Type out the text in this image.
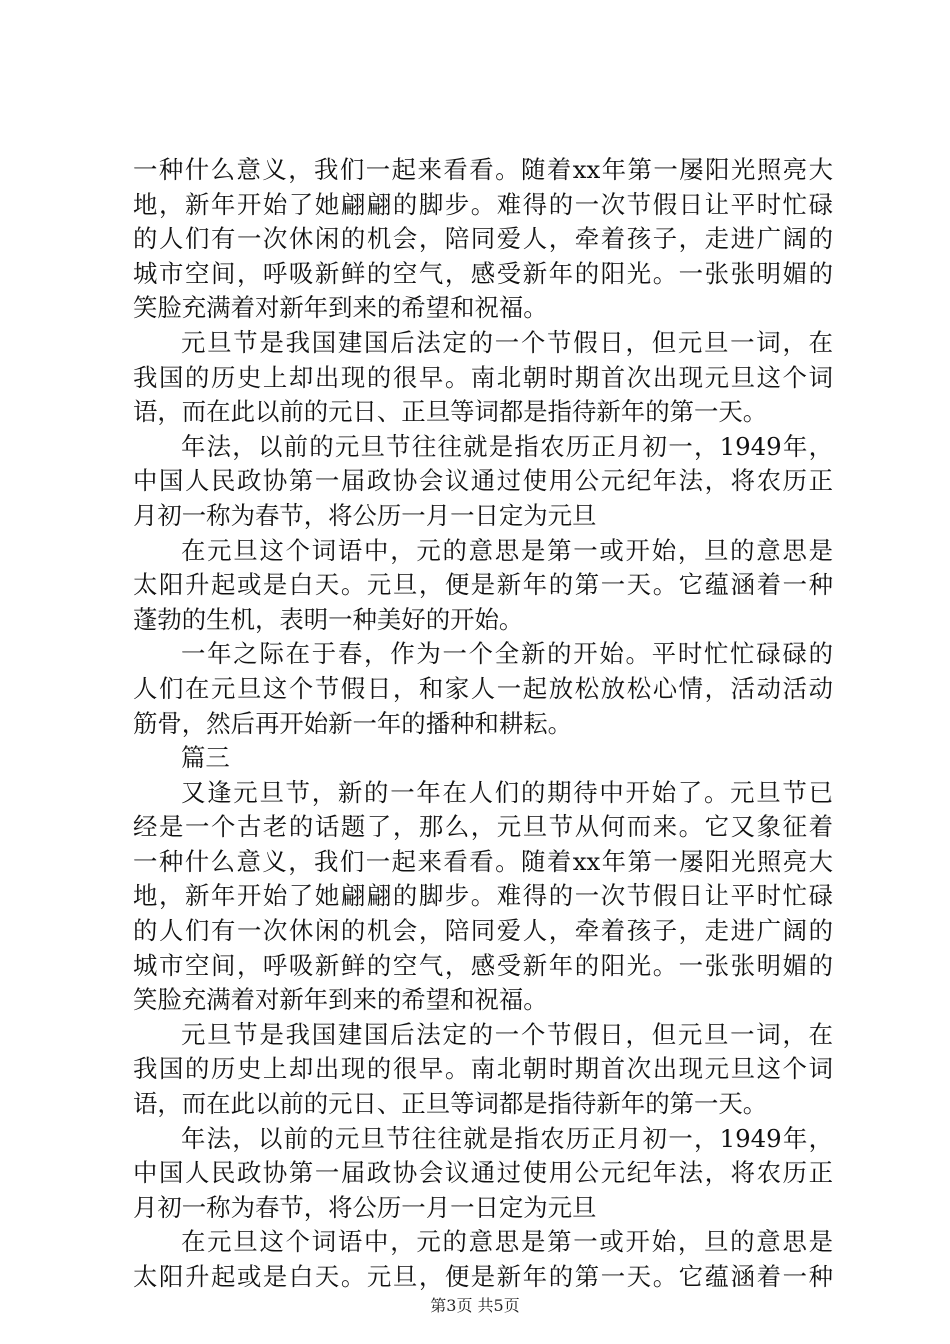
一种什么意义，我们一起来看看。随着xx年第一屡阳光照亮大
地，新年开始了她翩翩的脚步。难得的一次节假日让平时忙碌
的人们有一次休闲的机会，陪同爱人，牵着孩子，走进广阔的
城市空间，呼吸新鲜的空气，感受新年的阳光。一张张明媚的
笑脸充满着对新年到来的希望和祝福。
元旦节是我国建国后法定的一个节假日，但元旦一词，在
我国的历史上却出现的很早。南北朝时期首次出现元旦这个词
语，而在此以前的元日、正旦等词都是指待新年的第一天。
年法，以前的元旦节往往就是指农历正月初一，1949年，
中国人民政协第一届政协会议通过使用公元纪年法，将农历正
月初一称为春节，将公历一月一日定为元旦
在元旦这个词语中，元的意思是第一或开始，旦的意思是
太阳升起或是白天。元旦，便是新年的第一天。它蕴涵着一种
蓬勃的生机，表明一种美好的开始。
一年之际在于春，作为一个全新的开始。平时忙忙碌碌的
人们在元旦这个节假日，和家人一起放松放松心情，活动活动
筋骨，然后再开始新一年的播种和耕耘。
篇三
又逢元旦节，新的一年在人们的期待中开始了。元旦节已
经是一个古老的话题了，那么，元旦节从何而来。它又象征着
一种什么意义，我们一起来看看。随着xx年第一屡阳光照亮大
地，新年开始了她翩翩的脚步。难得的一次节假日让平时忙碌
的人们有一次休闲的机会，陪同爱人，牵着孩子，走进广阔的
城市空间，呼吸新鲜的空气，感受新年的阳光。一张张明媚的
笑脸充满着对新年到来的希望和祝福。
元旦节是我国建国后法定的一个节假日，但元旦一词，在
我国的历史上却出现的很早。南北朝时期首次出现元旦这个词
语，而在此以前的元日、正旦等词都是指待新年的第一天。
年法，以前的元旦节往往就是指农历正月初一，1949年，
中国人民政协第一届政协会议通过使用公元纪年法，将农历正
月初一称为春节，将公历一月一日定为元旦
在元旦这个词语中，元的意思是第一或开始，旦的意思是
太阳升起或是白天。元旦，便是新年的第一天。它蕴涵着一种
第3页 共5页
